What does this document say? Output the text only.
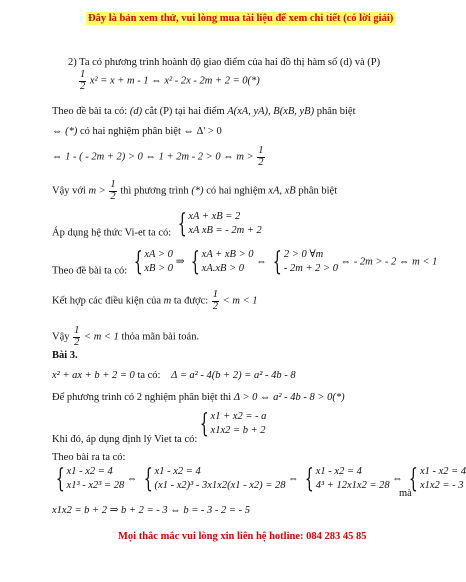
Đây là bản xem thử, vui lòng mua tài liệu để xem chi tiết (có lời giải)
2) Ta có phương trình hoành độ giao điểm của hai đồ thị hàm số (d) và (P)
$\frac{1}{2} x^2 = x + m - 1$ ⇔ x² - 2x - 2m + 2 = 0(*)
Theo đề bài ta có: (d) cắt (P) tại hai điểm A(xA, yA), B(xB, yB) phân biệt
⇔ (*) có hai nghiệm phân biệt ⇔ Δ' > 0
⇔ 1 - ( - 2m + 2) > 0 ⇔ 1 + 2m - 2 > 0 ⇔ $m > \frac{1}{2}$
Vậy với $m > \frac{1}{2}$ thì phương trình (*) có hai nghiệm xA, xB phân biệt
Áp dụng hệ thức Vi-et ta có: { xA + xB = 2
xA xB = - 2m + 2
Theo đề bài ta có: { xA > 0
xB > 0
⇒ { xA + xB > 0
xA.xB > 0
⇔ { 2 > 0 ∀m
- 2m + 2 > 0
⇔ - 2m > - 2 ⇔ m < 1
Kết hợp các điều kiện của m ta được: $\frac{1}{2} < m < 1$
Vậy $\frac{1}{2} < m < 1$ thỏa mãn bài toán.
Bài 3.
x² + ax + b + 2 = 0 ta có: Δ = a² - 4(b + 2) = a² - 4b - 8
Để phương trình có 2 nghiệm phân biệt thì Δ > 0 ⇔ a² - 4b - 8 > 0(*)
{ x1 + x2 = - a
x1x2 = b + 2
Khi đó, áp dụng định lý Viet ta có:
Theo bài ra ta có:
{ x1 - x2 = 4
x1³ - x2³ = 28
⇔ { x1 - x2 = 4
(x1 - x2)³ - 3x1x2(x1 - x2) = 28
⇔ { x1 - x2 = 4
4³ + 12x1x2 = 28
⇔ { x1 - x2 = 4
x1x2 = - 3
mà
x1x2 = b + 2 ⇒ b + 2 = - 3 ⇔ b = - 3 - 2 = - 5
Mọi thắc mắc vui lòng xin liên hệ hotline: 084 283 45 85
